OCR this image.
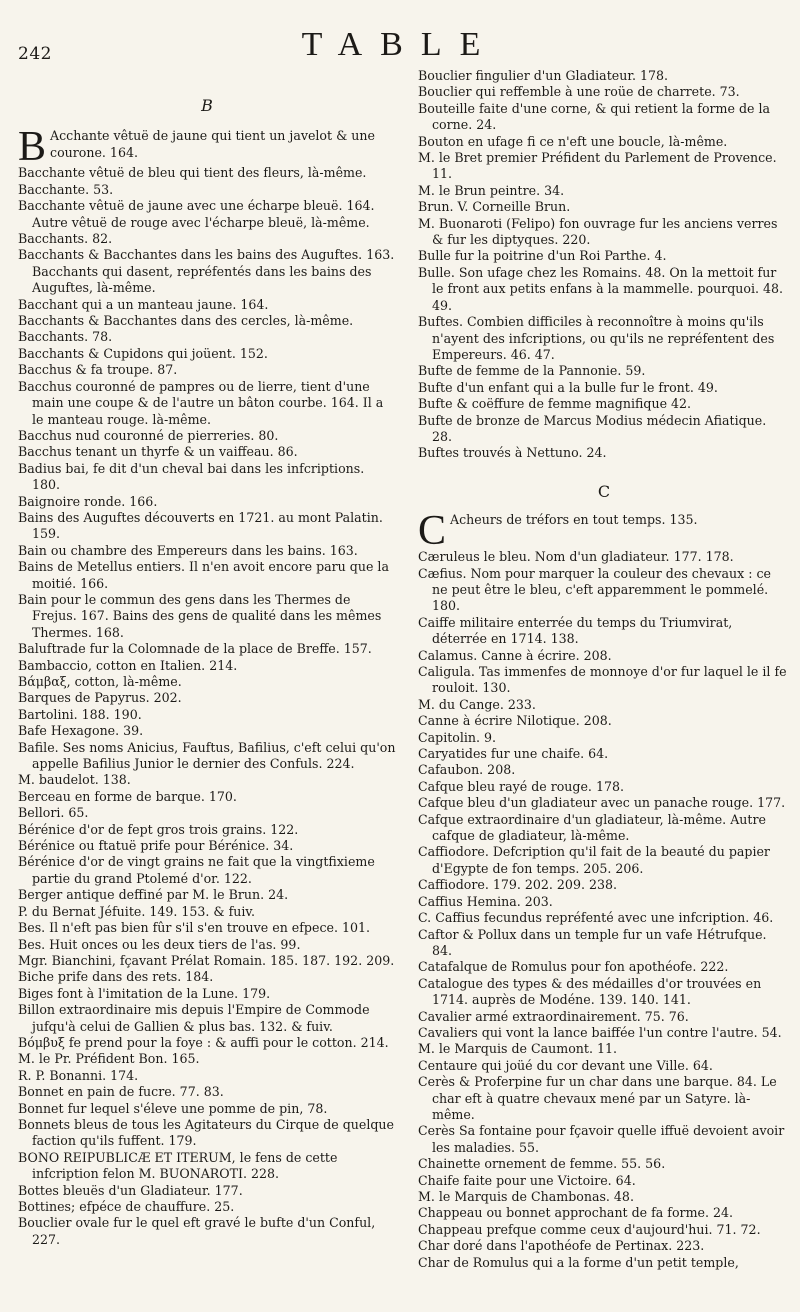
242	TABLE
B
B Acchante vêtuë de jaune qui tient un javelot & une courone. 164.

Bacchante vêtuë de bleu qui tient des fleurs, là-même.

Bacchante. 53.

Bacchante vêtuë de jaune avec une écharpe bleuë. 164. Autre vêtuë de rouge avec l'écharpe bleuë, là-même.

Bacchants. 82.

Bacchants & Bacchantes dans les bains des Auguftes. 163. Bacchants qui dasent, repréfentés dans les bains des Auguftes, là-même.

Bacchant qui a un manteau jaune. 164.

Bacchants & Bacchantes dans des cercles, là-même.

Bacchants. 78.

Bacchants & Cupidons qui joüent. 152.

Bacchus & fa troupe. 87.

Bacchus couronné de pampres ou de lierre, tient d'une main une coupe & de l'autre un bâton courbe. 164. Il a le manteau rouge. là-même.

Bacchus nud couronné de pierreries. 80.

Bacchus tenant un thyrfe & un vaiffeau. 86.

Badius bai, fe dit d'un cheval bai dans les infcriptions. 180.

Baignoire ronde. 166.

Bains des Auguftes découverts en 1721. au mont Palatin. 159.

Bain ou chambre des Empereurs dans les bains. 163.

Bains de Metellus entiers. Il n'en avoit encore paru que la moitié. 166.

Bain pour le commun des gens dans les Thermes de Frejus. 167. Bains des gens de qualité dans les mêmes Thermes. 168.

Baluftrade fur la Colomnade de la place de Breffe. 157.

Bambaccio, cotton en Italien. 214.

Βάμβαξ, cotton, là-même.

Barques de Papyrus. 202.

Bartolini. 188. 190.

Bafe Hexagone. 39.

Bafile. Ses noms Anicius, Fauftus, Bafilius, c'eft celui qu'on appelle Bafilius Junior le dernier des Confuls. 224.

M. baudelot. 138.

Berceau en forme de barque. 170.

Bellori. 65.

Bérénice d'or de fept gros trois grains. 122.

Bérénice ou ftatuë prife pour Bérénice. 34.

Bérénice d'or de vingt grains ne fait que la vingtfixieme partie du grand Ptolemé d'or. 122.

Berger antique deffiné par M. le Brun. 24.

P. du Bernat Jéfuite. 149. 153. & fuiv.

Bes. Il n'eft pas bien fûr s'il s'en trouve en efpece. 101.

Bes. Huit onces ou les deux tiers de l'as. 99.

Mgr. Bianchini, fçavant Prélat Romain. 185. 187. 192. 209.

Biche prife dans des rets. 184.

Biges font à l'imitation de la Lune. 179.

Billon extraordinaire mis depuis l'Empire de Commode jufqu'à celui de Gallien & plus bas. 132. & fuiv.

Βόμβυξ fe prend pour la foye : & auffi pour le cotton. 214.

M. le Pr. Préfident Bon. 165.

R. P. Bonanni. 174.

Bonnet en pain de fucre. 77. 83.

Bonnet fur lequel s'éleve une pomme de pin, 78.

Bonnets bleus de tous les Agitateurs du Cirque de quelque faction qu'ils fuffent. 179.

BONO REIPUBLICÆ ET ITERUM, le fens de cette infcription felon M. BUONAROTI. 228.

Bottes bleuës d'un Gladiateur. 177.

Bottines; efpéce de chauffure. 25.

Bouclier ovale fur le quel eft gravé le bufte d'un Conful, 227.

Bouclier fingulier d'un Gladiateur. 178.

Bouclier qui reffemble à une roüe de charrete. 73.

Bouteille faite d'une corne, & qui retient la forme de la corne. 24.

Bouton en ufage fi ce n'eft une boucle, là-même.

M. le Bret premier Préfident du Parlement de Provence. 11.

M. le Brun peintre. 34.

Brun. V. Corneille Brun.

M. Buonaroti (Felipo) fon ouvrage fur les anciens verres & fur les diptyques. 220.

Bulle fur la poitrine d'un Roi Parthe. 4.

Bulle. Son ufage chez les Romains. 48. On la mettoit fur le front aux petits enfans à la mammelle. pourquoi. 48. 49.

Buftes. Combien difficiles à reconnoître à moins qu'ils n'ayent des infcriptions, ou qu'ils ne repréfentent des Empereurs. 46. 47.

Bufte de femme de la Pannonie. 59.

Bufte d'un enfant qui a la bulle fur le front. 49.

Bufte & coëffure de femme magnifique 42.

Bufte de bronze de Marcus Modius médecin Afiatique. 28.

Buftes trouvés à Nettuno. 24.

C
C Acheurs de tréfors en tout temps. 135.

Cæruleus le bleu. Nom d'un gladiateur. 177. 178.

Cæfius. Nom pour marquer la couleur des chevaux : ce ne peut être le bleu, c'eft apparemment le pommelé. 180.

Caiffe militaire enterrée du temps du Triumvirat, déterrée en 1714. 138.

Calamus. Canne à écrire. 208.

Caligula. Tas immenfes de monnoye d'or fur laquel le il fe rouloit. 130.

M. du Cange. 233.

Canne à écrire Nilotique. 208.

Capitolin. 9.

Caryatides fur une chaife. 64.

Cafaubon. 208.

Cafque bleu rayé de rouge. 178.

Cafque bleu d'un gladiateur avec un panache rouge. 177.

Cafque extraordinaire d'un gladiateur, là-même. Autre cafque de gladiateur, là-même.

Caffiodore. Defcription qu'il fait de la beauté du papier d'Egypte de fon temps. 205. 206.

Caffiodore. 179. 202. 209. 238.

Caffius Hemina. 203.

C. Caffius fecundus repréfenté avec une infcription. 46.

Caftor & Pollux dans un temple fur un vafe Hétrufque. 84.

Catafalque de Romulus pour fon apothéofe. 222.

Catalogue des types & des médailles d'or trouvées en 1714. auprès de Modéne. 139. 140. 141.

Cavalier armé extraordinairement. 75. 76.

Cavaliers qui vont la lance baiffée l'un contre l'autre. 54.

M. le Marquis de Caumont. 11.

Centaure qui joüé du cor devant une Ville. 64.

Cerès & Proferpine fur un char dans une barque. 84. Le char eft à quatre chevaux mené par un Satyre. là-même.

Cerès Sa fontaine pour fçavoir quelle iffuë devoient avoir les maladies. 55.

Chainette ornement de femme. 55. 56.

Chaife faite pour une Victoire. 64.

M. le Marquis de Chambonas. 48.

Chappeau ou bonnet approchant de fa forme. 24.

Chappeau prefque comme ceux d'aujourd'hui. 71. 72.

Char doré dans l'apothéofe de Pertinax. 223.

Char de Romulus qui a la forme d'un petit temple,
